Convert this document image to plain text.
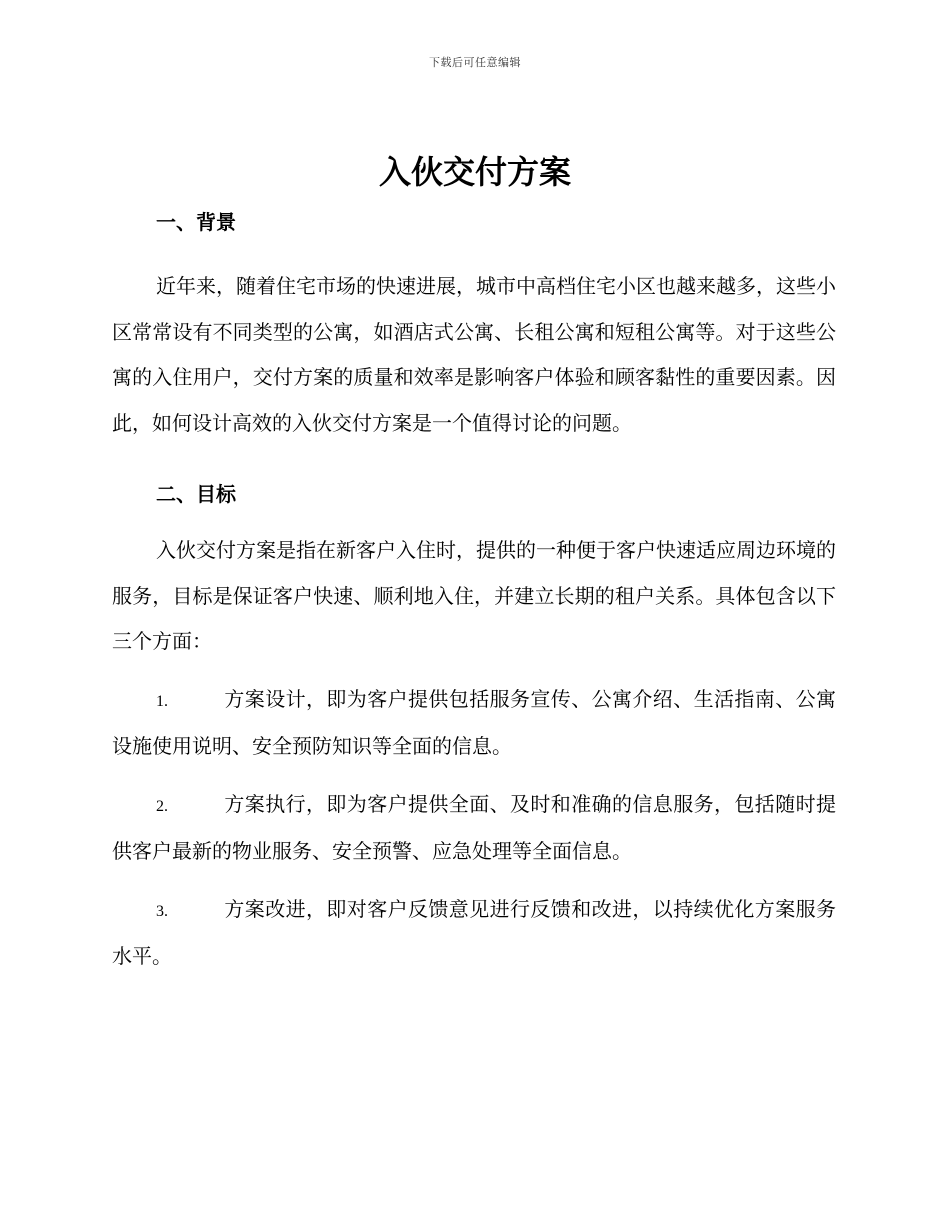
下载后可任意编辑
入伙交付方案
一、背景

近年来，随着住宅市场的快速进展，城市中高档住宅小区也越来越多，这些小区常常设有不同类型的公寓，如酒店式公寓、长租公寓和短租公寓等。对于这些公寓的入住用户，交付方案的质量和效率是影响客户体验和顾客黏性的重要因素。因此，如何设计高效的入伙交付方案是一个值得讨论的问题。

二、目标

入伙交付方案是指在新客户入住时，提供的一种便于客户快速适应周边环境的服务，目标是保证客户快速、顺利地入住，并建立长期的租户关系。具体包含以下三个方面：

1.	方案设计，即为客户提供包括服务宣传、公寓介绍、生活指南、公寓设施使用说明、安全预防知识等全面的信息。

2.	方案执行，即为客户提供全面、及时和准确的信息服务，包括随时提供客户最新的物业服务、安全预警、应急处理等全面信息。

3.	方案改进，即对客户反馈意见进行反馈和改进，以持续优化方案服务水平。
